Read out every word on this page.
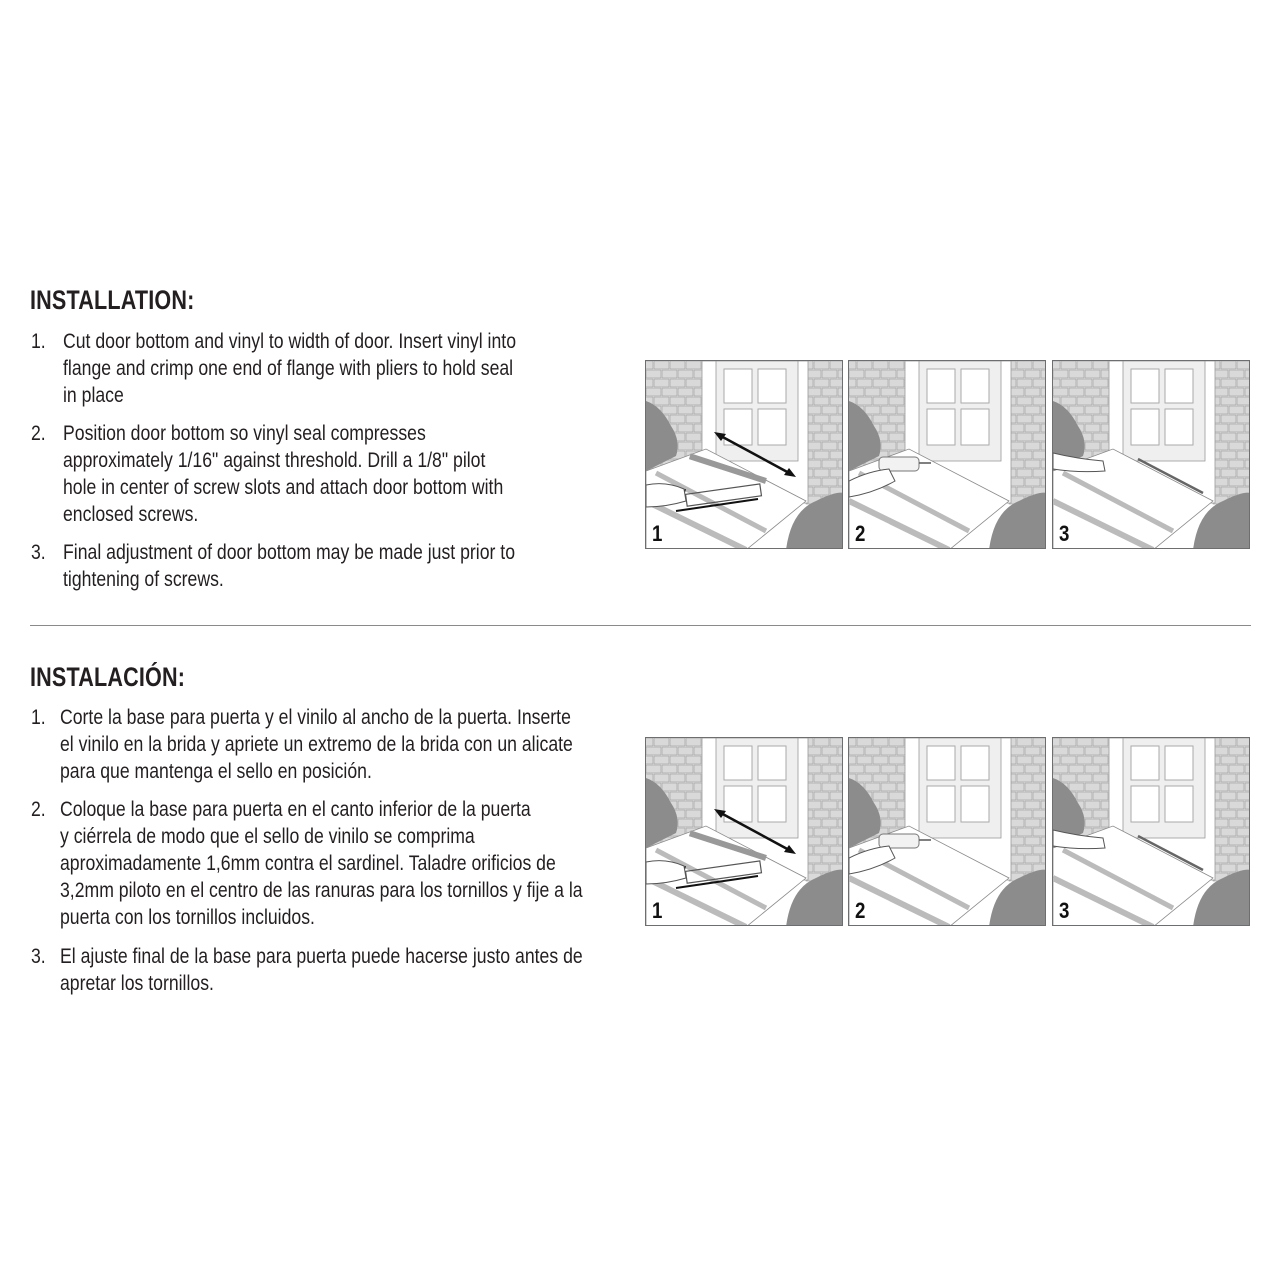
INSTALLATION:
1. Cut door bottom and vinyl to width of door. Insert vinyl into
flange and crimp one end of flange with pliers to hold seal
in place
2. Position door bottom so vinyl seal compresses
approximately 1/16" against threshold. Drill a 1/8" pilot
hole in center of screw slots and attach door bottom with
enclosed screws.
3. Final adjustment of door bottom may be made just prior to
tightening of screws.
1	2	3
INSTALACIÓN:
1. Corte la base para puerta y el vinilo al ancho de la puerta. Inserte
el vinilo en la brida y apriete un extremo de la brida con un alicate
para que mantenga el sello en posición.
2. Coloque la base para puerta en el canto inferior de la puerta
y ciérrela de modo que el sello de vinilo se comprima
aproximadamente 1,6mm contra el sardinel. Taladre orificios de
3,2mm piloto en el centro de las ranuras para los tornillos y fije a la
puerta con los tornillos incluidos.
3. El ajuste final de la base para puerta puede hacerse justo antes de
apretar los tornillos.
1	2	3
